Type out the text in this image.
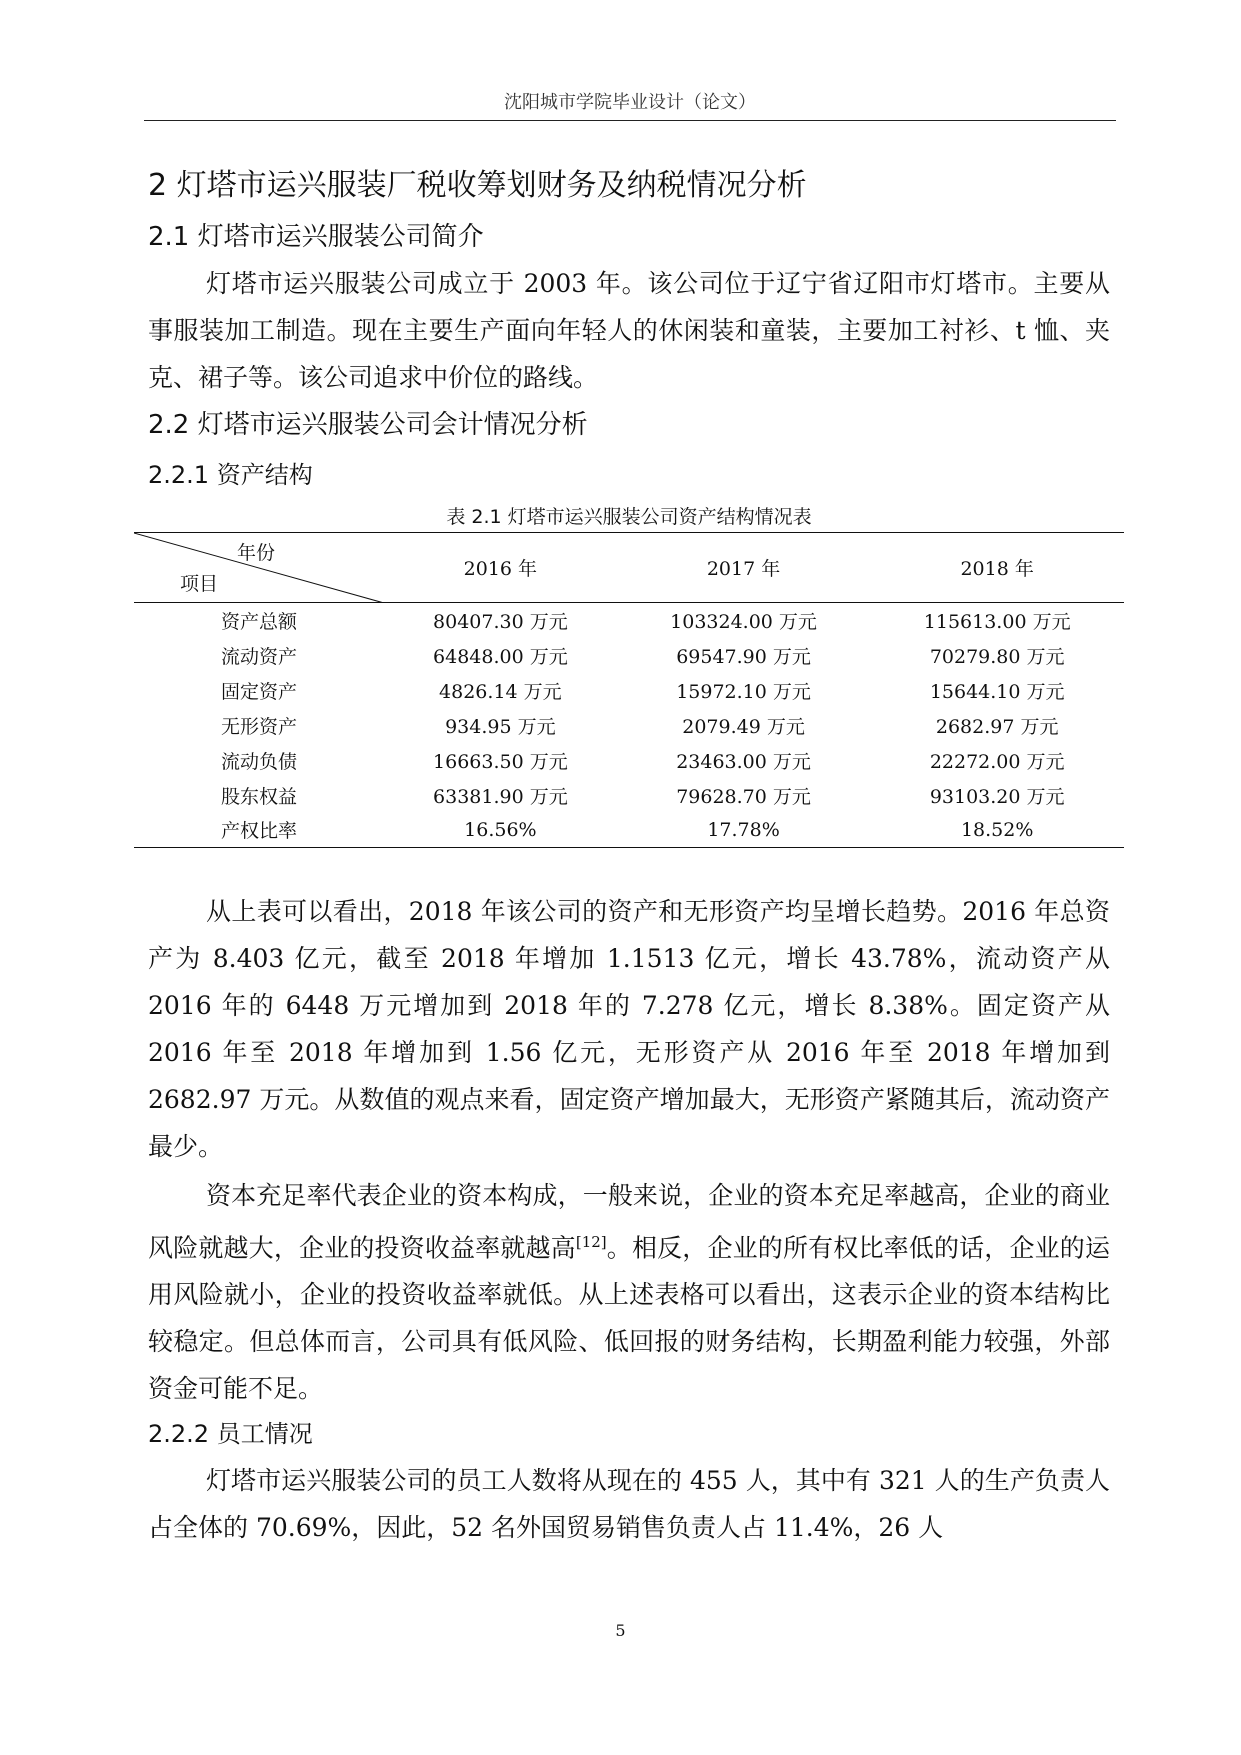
沈阳城市学院毕业设计（论文）
2 灯塔市运兴服装厂税收筹划财务及纳税情况分析
2.1 灯塔市运兴服装公司简介

灯塔市运兴服装公司成立于 2003 年。该公司位于辽宁省辽阳市灯塔市。主要从事服装加工制造。现在主要生产面向年轻人的休闲装和童装，主要加工衬衫、t 恤、夹克、裙子等。该公司追求中价位的路线。

2.2 灯塔市运兴服装公司会计情况分析
2.2.1 资产结构
表 2.1 灯塔市运兴服装公司资产结构情况表
年份
项目	2016 年	2017 年	2018 年
资产总额	80407.30 万元	103324.00 万元	115613.00 万元
流动资产	64848.00 万元	69547.90 万元	70279.80 万元
固定资产	4826.14 万元	15972.10 万元	15644.10 万元
无形资产	934.95 万元	2079.49 万元	2682.97 万元
流动负债	16663.50 万元	23463.00 万元	22272.00 万元
股东权益	63381.90 万元	79628.70 万元	93103.20 万元
产权比率	16.56%	17.78%	18.52%

从上表可以看出，2018 年该公司的资产和无形资产均呈增长趋势。2016 年总资产为 8.403 亿元，截至 2018 年增加 1.1513 亿元，增长 43.78%，流动资产从 2016 年的 6448 万元增加到 2018 年的 7.278 亿元，增长 8.38%。固定资产从 2016 年至 2018 年增加到 1.56 亿元，无形资产从 2016 年至 2018 年增加到 2682.97 万元。从数值的观点来看，固定资产增加最大，无形资产紧随其后，流动资产最少。

资本充足率代表企业的资本构成，一般来说，企业的资本充足率越高，企业的商业风险就越大，企业的投资收益率就越高[12]。相反，企业的所有权比率低的话，企业的运用风险就小，企业的投资收益率就低。从上述表格可以看出，这表示企业的资本结构比较稳定。但总体而言，公司具有低风险、低回报的财务结构，长期盈利能力较强，外部资金可能不足。

2.2.2 员工情况

灯塔市运兴服装公司的员工人数将从现在的 455 人，其中有 321 人的生产负责人占全体的 70.69%，因此，52 名外国贸易销售负责人占 11.4%，26 人

5
